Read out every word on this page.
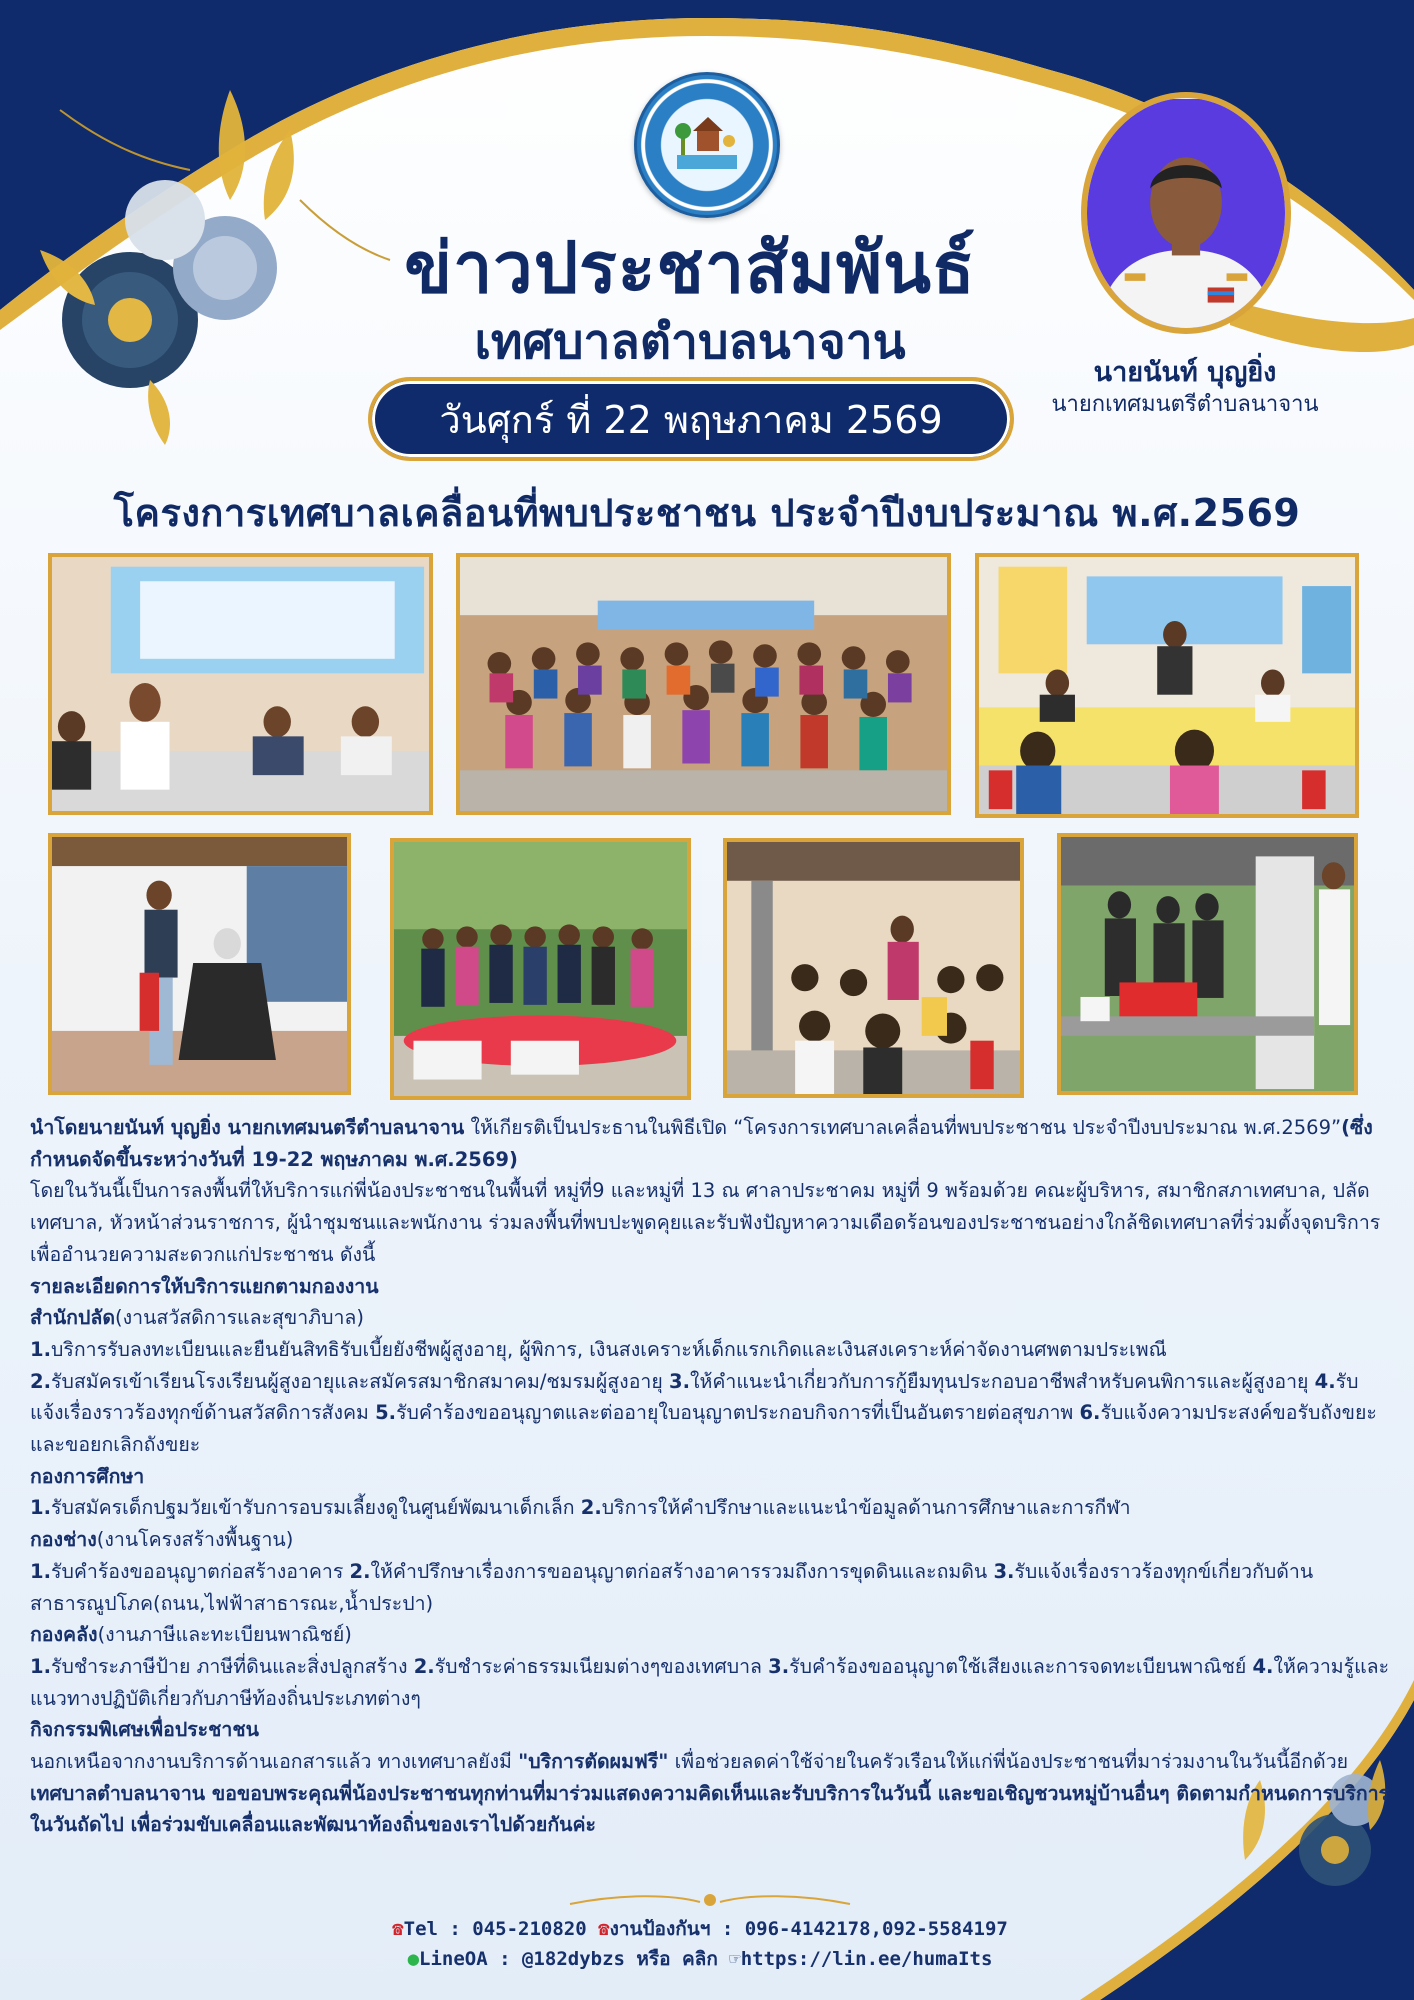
ข่าวประชาสัมพันธ์
เทศบาลตำบลนาจาน
วันศุกร์ ที่ 22 พฤษภาคม 2569
นายนันท์ บุญยิ่ง
นายกเทศมนตรีตำบลนาจาน
โครงการเทศบาลเคลื่อนที่พบประชาชน ประจำปีงบประมาณ พ.ศ.2569

นำโดยนายนันท์ บุญยิ่ง นายกเทศมนตรีตำบลนาจาน ให้เกียรติเป็นประธานในพิธีเปิด “โครงการเทศบาลเคลื่อนที่พบประชาชน ประจำปีงบประมาณ พ.ศ.2569”(ซึ่งกำหนดจัดขึ้นระหว่างวันที่ 19-22 พฤษภาคม พ.ศ.2569)

โดยในวันนี้เป็นการลงพื้นที่ให้บริการแก่พี่น้องประชาชนในพื้นที่ หมู่ที่9 และหมู่ที่ 13 ณ ศาลาประชาคม หมู่ที่ 9 พร้อมด้วย คณะผู้บริหาร, สมาชิกสภาเทศบาล, ปลัดเทศบาล, หัวหน้าส่วนราชการ, ผู้นำชุมชนและพนักงาน ร่วมลงพื้นที่พบปะพูดคุยและรับฟังปัญหาความเดือดร้อนของประชาชนอย่างใกล้ชิดเทศบาลที่ร่วมตั้งจุดบริการเพื่ออำนวยความสะดวกแก่ประชาชน ดังนี้

รายละเอียดการให้บริการแยกตามกองงาน

สำนักปลัด(งานสวัสดิการและสุขาภิบาล)

1.บริการรับลงทะเบียนและยืนยันสิทธิรับเบี้ยยังชีพผู้สูงอายุ, ผู้พิการ, เงินสงเคราะห์เด็กแรกเกิดและเงินสงเคราะห์ค่าจัดงานศพตามประเพณี
2.รับสมัครเข้าเรียนโรงเรียนผู้สูงอายุและสมัครสมาชิกสมาคม/ชมรมผู้สูงอายุ 3.ให้คำแนะนำเกี่ยวกับการกู้ยืมทุนประกอบอาชีพสำหรับคนพิการและผู้สูงอายุ 4.รับแจ้งเรื่องราวร้องทุกข์ด้านสวัสดิการสังคม 5.รับคำร้องขออนุญาตและต่ออายุใบอนุญาตประกอบกิจการที่เป็นอันตรายต่อสุขภาพ 6.รับแจ้งความประสงค์ขอรับถังขยะและขอยกเลิกถังขยะ

กองการศึกษา

1.รับสมัครเด็กปฐมวัยเข้ารับการอบรมเลี้ยงดูในศูนย์พัฒนาเด็กเล็ก 2.บริการให้คำปรึกษาและแนะนำข้อมูลด้านการศึกษาและการกีฬา

กองช่าง(งานโครงสร้างพื้นฐาน)

1.รับคำร้องขออนุญาตก่อสร้างอาคาร 2.ให้คำปรึกษาเรื่องการขออนุญาตก่อสร้างอาคารรวมถึงการขุดดินและถมดิน 3.รับแจ้งเรื่องราวร้องทุกข์เกี่ยวกับด้านสาธารณูปโภค(ถนน,ไฟฟ้าสาธารณะ,น้ำประปา)

กองคลัง(งานภาษีและทะเบียนพาณิชย์)

1.รับชำระภาษีป้าย ภาษีที่ดินและสิ่งปลูกสร้าง 2.รับชำระค่าธรรมเนียมต่างๆของเทศบาล 3.รับคำร้องขออนุญาตใช้เสียงและการจดทะเบียนพาณิชย์ 4.ให้ความรู้และแนวทางปฏิบัติเกี่ยวกับภาษีท้องถิ่นประเภทต่างๆ

กิจกรรมพิเศษเพื่อประชาชน

นอกเหนือจากงานบริการด้านเอกสารแล้ว ทางเทศบาลยังมี "บริการตัดผมฟรี" เพื่อช่วยลดค่าใช้จ่ายในครัวเรือนให้แก่พี่น้องประชาชนที่มาร่วมงานในวันนี้อีกด้วย

เทศบาลตำบลนาจาน ขอขอบพระคุณพี่น้องประชาชนทุกท่านที่มาร่วมแสดงความคิดเห็นและรับบริการในวันนี้ และขอเชิญชวนหมู่บ้านอื่นๆ ติดตามกำหนดการบริการในวันถัดไป เพื่อร่วมขับเคลื่อนและพัฒนาท้องถิ่นของเราไปด้วยกันค่ะ

☎Tel : 045-210820 ☎งานป้องกันฯ : 096-4142178,092-5584197
●LineOA : @182dybzs หรือ คลิก ☞https://lin.ee/humaIts
